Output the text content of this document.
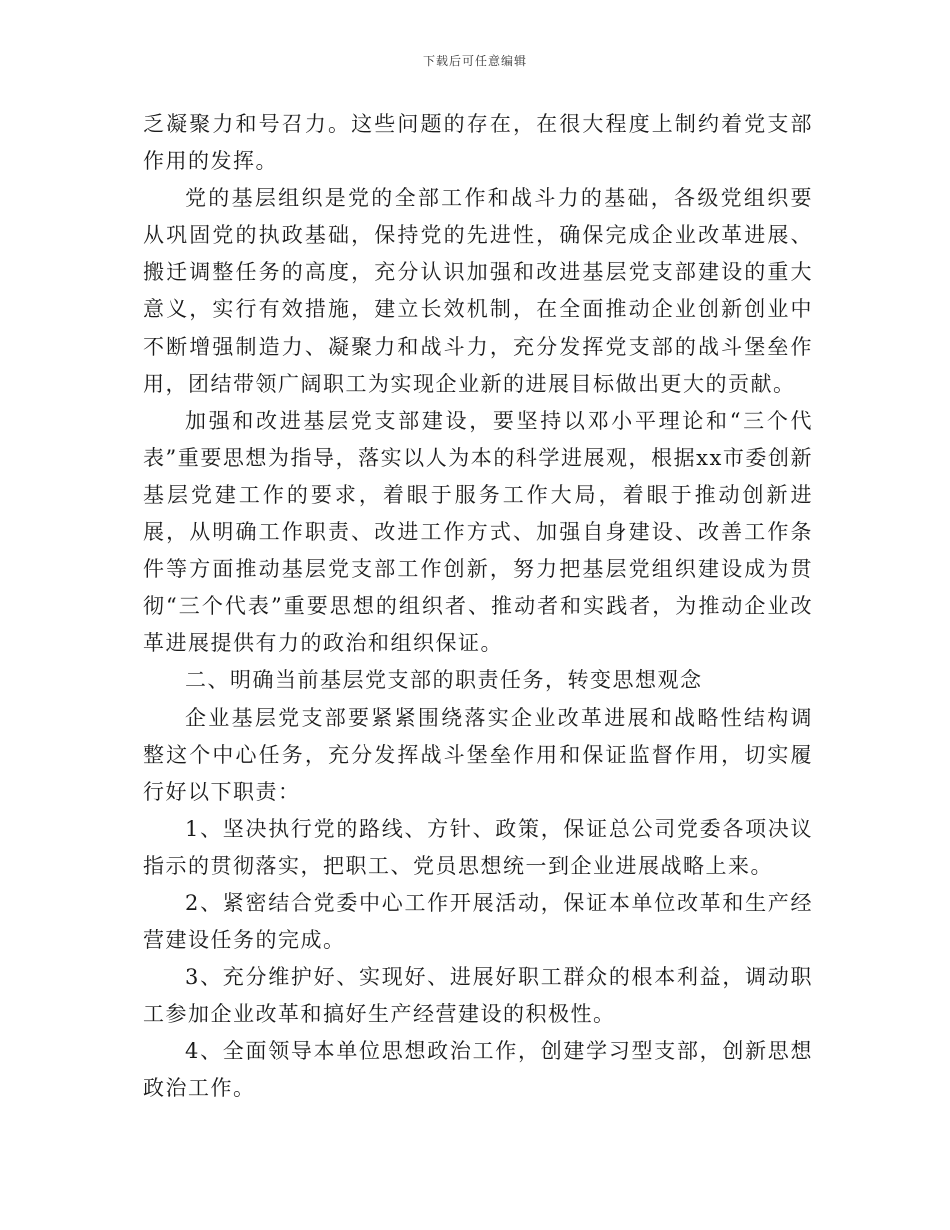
下载后可任意编辑

乏凝聚力和号召力。这些问题的存在，在很大程度上制约着党支部作用的发挥。

党的基层组织是党的全部工作和战斗力的基础，各级党组织要从巩固党的执政基础，保持党的先进性，确保完成企业改革进展、搬迁调整任务的高度，充分认识加强和改进基层党支部建设的重大意义，实行有效措施，建立长效机制，在全面推动企业创新创业中不断增强制造力、凝聚力和战斗力，充分发挥党支部的战斗堡垒作用，团结带领广阔职工为实现企业新的进展目标做出更大的贡献。

加强和改进基层党支部建设，要坚持以邓小平理论和“三个代表”重要思想为指导，落实以人为本的科学进展观，根据xx市委创新基层党建工作的要求，着眼于服务工作大局，着眼于推动创新进展，从明确工作职责、改进工作方式、加强自身建设、改善工作条件等方面推动基层党支部工作创新，努力把基层党组织建设成为贯彻“三个代表”重要思想的组织者、推动者和实践者，为推动企业改革进展提供有力的政治和组织保证。

二、明确当前基层党支部的职责任务，转变思想观念

企业基层党支部要紧紧围绕落实企业改革进展和战略性结构调整这个中心任务，充分发挥战斗堡垒作用和保证监督作用，切实履行好以下职责：

1、坚决执行党的路线、方针、政策，保证总公司党委各项决议指示的贯彻落实，把职工、党员思想统一到企业进展战略上来。

2、紧密结合党委中心工作开展活动，保证本单位改革和生产经营建设任务的完成。

3、充分维护好、实现好、进展好职工群众的根本利益，调动职工参加企业改革和搞好生产经营建设的积极性。

4、全面领导本单位思想政治工作，创建学习型支部，创新思想政治工作。
